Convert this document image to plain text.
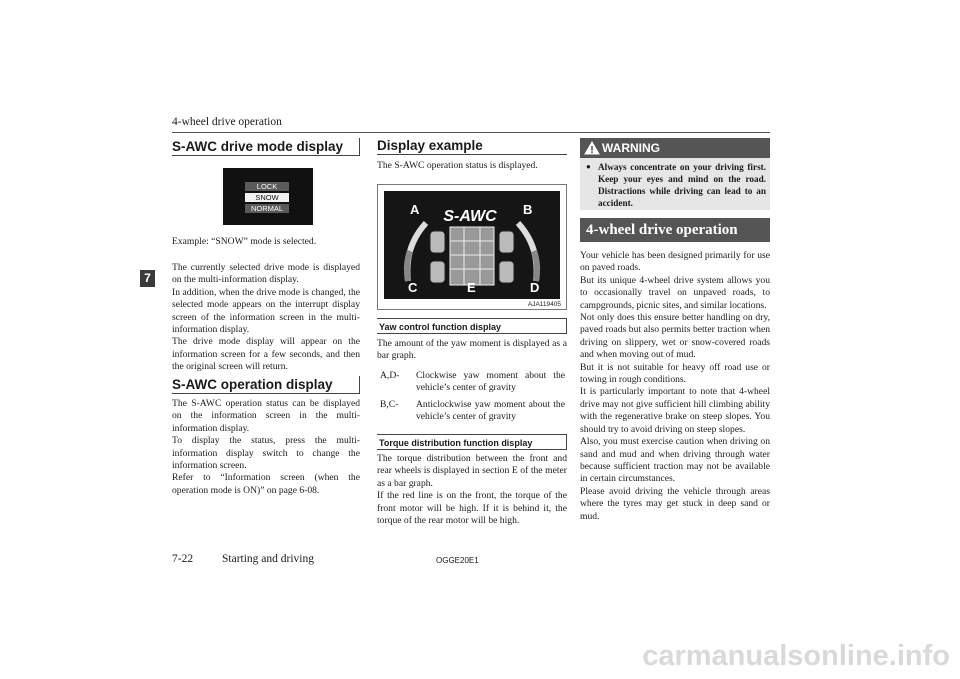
4-wheel drive operation
7
S-AWC drive mode display
LOCK
SNOW
NORMAL

Example: “SNOW” mode is selected.

The currently selected drive mode is displayed on the multi-information display.

In addition, when the drive mode is changed, the selected mode appears on the interrupt display screen of the information screen in the multi-information display.

The drive mode display will appear on the information screen for a few seconds, and then the original screen will return.

S-AWC operation display

The S-AWC operation status can be displayed on the information screen in the multi-information display.

To display the status, press the multi-information display switch to change the information screen.

Refer to “Information screen (when the operation mode is ON)” on page 6-08.

Display example

The S-AWC operation status is displayed.

S-AWC
A	B
C	D
E
AJA119405
Yaw control function display

The amount of the yaw moment is displayed as a bar graph.

A,D-	Clockwise yaw moment about the vehicle’s center of gravity
B,C-	Anticlockwise yaw moment about the vehicle’s center of gravity
Torque distribution function display

The torque distribution between the front and rear wheels is displayed in section E of the meter as a bar graph.

If the red line is on the front, the torque of the front motor will be high. If it is behind it, the torque of the rear motor will be high.

WARNING
● Always concentrate on your driving first. Keep your eyes and mind on the road. Distractions while driving can lead to an accident.
4-wheel drive operation

Your vehicle has been designed primarily for use on paved roads.

But its unique 4-wheel drive system allows you to occasionally travel on unpaved roads, to campgrounds, picnic sites, and similar locations.

Not only does this ensure better handling on dry, paved roads but also permits better traction when driving on slippery, wet or snow-covered roads and when moving out of mud.

But it is not suitable for heavy off road use or towing in rough conditions.

It is particularly important to note that 4-wheel drive may not give sufficient hill climbing ability with the regenerative brake on steep slopes. You should try to avoid driving on steep slopes.

Also, you must exercise caution when driving on sand and mud and when driving through water because sufficient traction may not be available in certain circumstances.

Please avoid driving the vehicle through areas where the tyres may get stuck in deep sand or mud.

7-22	Starting and driving	OGGE20E1
carmanualsonline.info
